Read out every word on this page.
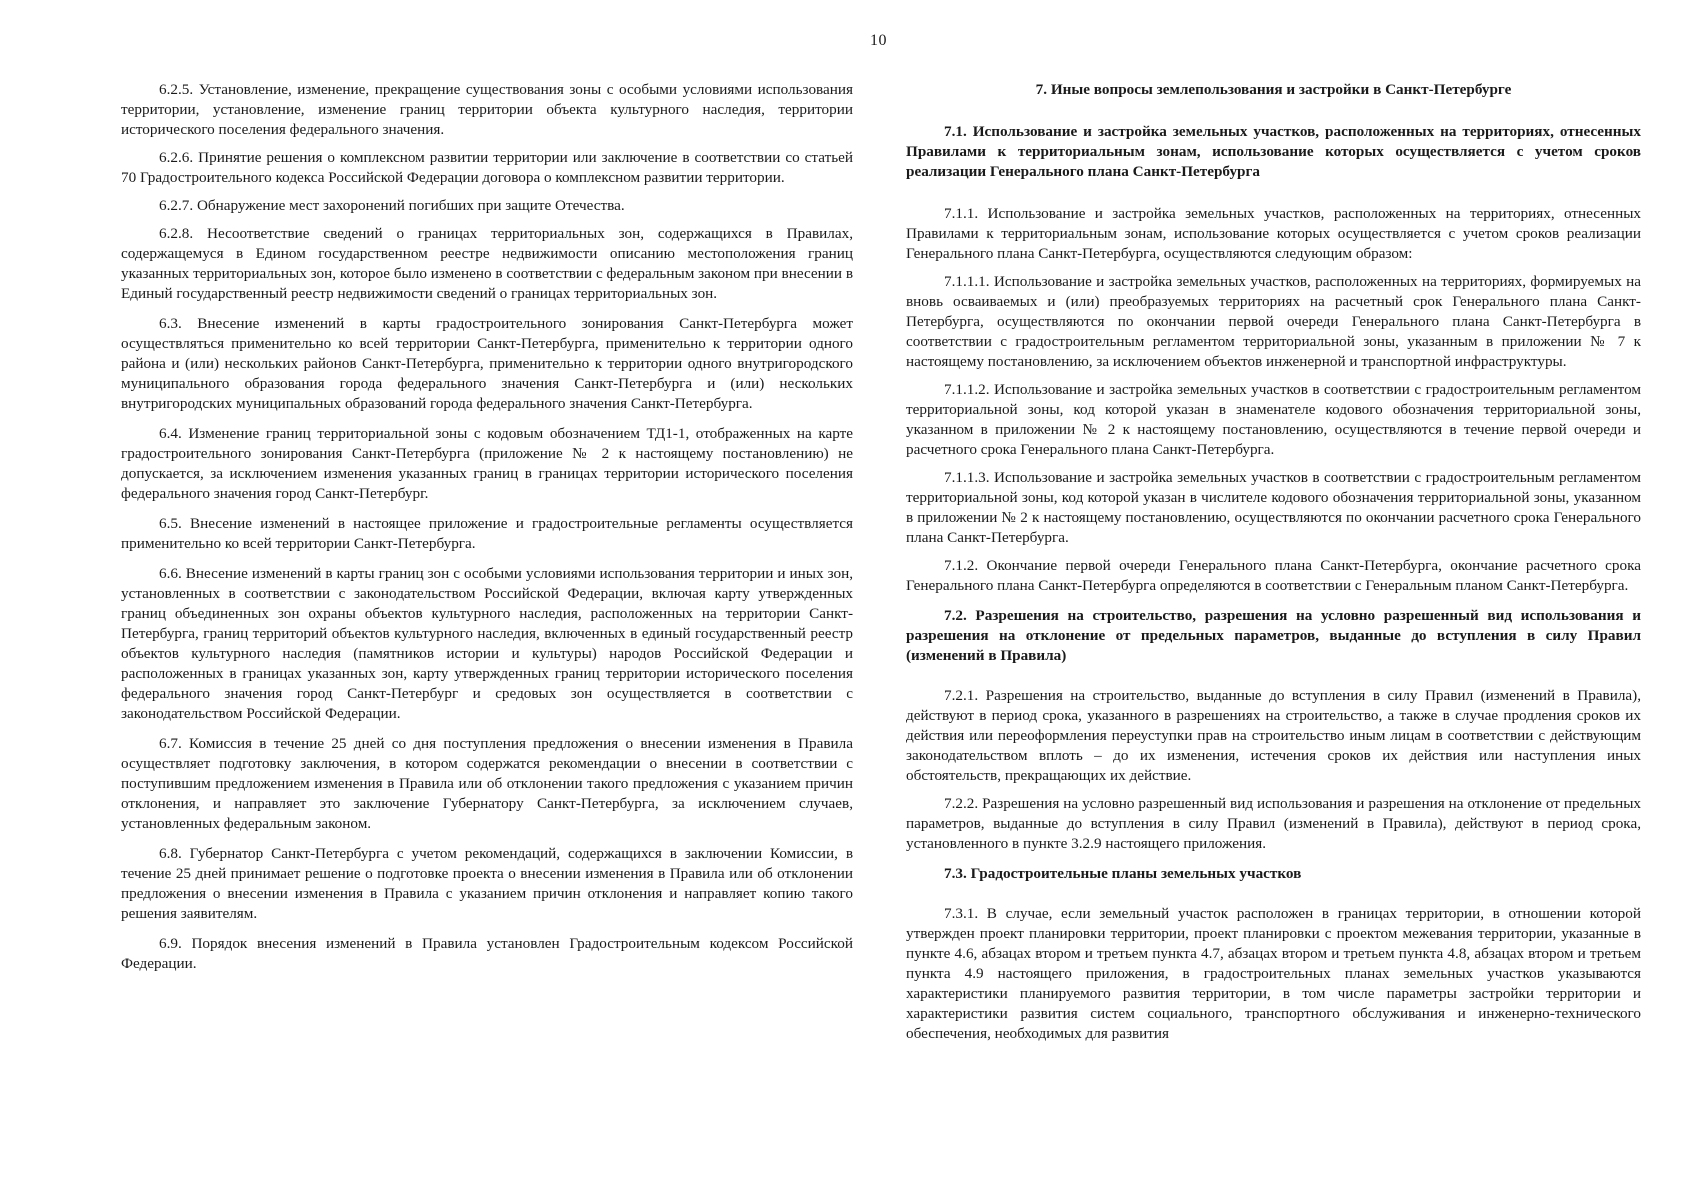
10

6.2.5. Установление, изменение, прекращение существования зоны с особыми условиями использования территории, установление, изменение границ территории объекта культурного наследия, территории исторического поселения федерального значения.

6.2.6. Принятие решения о комплексном развитии территории или заключение в соответствии со статьей 70 Градостроительного кодекса Российской Федерации договора о комплексном развитии территории.

6.2.7. Обнаружение мест захоронений погибших при защите Отечества.

6.2.8. Несоответствие сведений о границах территориальных зон, содержащихся в Правилах, содержащемуся в Едином государственном реестре недвижимости описанию местоположения границ указанных территориальных зон, которое было изменено в соответствии с федеральным законом при внесении в Единый государственный реестр недвижимости сведений о границах территориальных зон.

6.3. Внесение изменений в карты градостроительного зонирования Санкт-Петербурга может осуществляться применительно ко всей территории Санкт-Петербурга, применительно к территории одного района и (или) нескольких районов Санкт-Петербурга, применительно к территории одного внутригородского муниципального образования города федерального значения Санкт-Петербурга и (или) нескольких внутригородских муниципальных образований города федерального значения Санкт-Петербурга.

6.4. Изменение границ территориальной зоны с кодовым обозначением ТД1-1, отображенных на карте градостроительного зонирования Санкт-Петербурга (приложение № 2 к настоящему постановлению) не допускается, за исключением изменения указанных границ в границах территории исторического поселения федерального значения город Санкт-Петербург.

6.5. Внесение изменений в настоящее приложение и градостроительные регламенты осуществляется применительно ко всей территории Санкт-Петербурга.

6.6. Внесение изменений в карты границ зон с особыми условиями использования территории и иных зон, установленных в соответствии с законодательством Российской Федерации, включая карту утвержденных границ объединенных зон охраны объектов культурного наследия, расположенных на территории Санкт-Петербурга, границ территорий объектов культурного наследия, включенных в единый государственный реестр объектов культурного наследия (памятников истории и культуры) народов Российской Федерации и расположенных в границах указанных зон, карту утвержденных границ территории исторического поселения федерального значения город Санкт-Петербург и средовых зон осуществляется в соответствии с законодательством Российской Федерации.

6.7. Комиссия в течение 25 дней со дня поступления предложения о внесении изменения в Правила осуществляет подготовку заключения, в котором содержатся рекомендации о внесении в соответствии с поступившим предложением изменения в Правила или об отклонении такого предложения с указанием причин отклонения, и направляет это заключение Губернатору Санкт-Петербурга, за исключением случаев, установленных федеральным законом.

6.8. Губернатор Санкт-Петербурга с учетом рекомендаций, содержащихся в заключении Комиссии, в течение 25 дней принимает решение о подготовке проекта о внесении изменения в Правила или об отклонении предложения о внесении изменения в Правила с указанием причин отклонения и направляет копию такого решения заявителям.

6.9. Порядок внесения изменений в Правила установлен Градостроительным кодексом Российской Федерации.

7. Иные вопросы землепользования и застройки в Санкт-Петербурге

7.1. Использование и застройка земельных участков, расположенных на территориях, отнесенных Правилами к территориальным зонам, использование которых осуществляется с учетом сроков реализации Генерального плана Санкт-Петербурга

7.1.1. Использование и застройка земельных участков, расположенных на территориях, отнесенных Правилами к территориальным зонам, использование которых осуществляется с учетом сроков реализации Генерального плана Санкт-Петербурга, осуществляются следующим образом:

7.1.1.1. Использование и застройка земельных участков, расположенных на территориях, формируемых на вновь осваиваемых и (или) преобразуемых территориях на расчетный срок Генерального плана Санкт-Петербурга, осуществляются по окончании первой очереди Генерального плана Санкт-Петербурга в соответствии с градостроительным регламентом территориальной зоны, указанным в приложении № 7 к настоящему постановлению, за исключением объектов инженерной и транспортной инфраструктуры.

7.1.1.2. Использование и застройка земельных участков в соответствии с градостроительным регламентом территориальной зоны, код которой указан в знаменателе кодового обозначения территориальной зоны, указанном в приложении № 2 к настоящему постановлению, осуществляются в течение первой очереди и расчетного срока Генерального плана Санкт-Петербурга.

7.1.1.3. Использование и застройка земельных участков в соответствии с градостроительным регламентом территориальной зоны, код которой указан в числителе кодового обозначения территориальной зоны, указанном в приложении № 2 к настоящему постановлению, осуществляются по окончании расчетного срока Генерального плана Санкт-Петербурга.

7.1.2. Окончание первой очереди Генерального плана Санкт-Петербурга, окончание расчетного срока Генерального плана Санкт-Петербурга определяются в соответствии с Генеральным планом Санкт-Петербурга.

7.2. Разрешения на строительство, разрешения на условно разрешенный вид использования и разрешения на отклонение от предельных параметров, выданные до вступления в силу Правил (изменений в Правила)

7.2.1. Разрешения на строительство, выданные до вступления в силу Правил (изменений в Правила), действуют в период срока, указанного в разрешениях на строительство, а также в случае продления сроков их действия или переоформления переуступки прав на строительство иным лицам в соответствии с действующим законодательством вплоть – до их изменения, истечения сроков их действия или наступления иных обстоятельств, прекращающих их действие.

7.2.2. Разрешения на условно разрешенный вид использования и разрешения на отклонение от предельных параметров, выданные до вступления в силу Правил (изменений в Правила), действуют в период срока, установленного в пункте 3.2.9 настоящего приложения.

7.3. Градостроительные планы земельных участков

7.3.1. В случае, если земельный участок расположен в границах территории, в отношении которой утвержден проект планировки территории, проект планировки с проектом межевания территории, указанные в пункте 4.6, абзацах втором и третьем пункта 4.7, абзацах втором и третьем пункта 4.8, абзацах втором и третьем пункта 4.9 настоящего приложения, в градостроительных планах земельных участков указываются характеристики планируемого развития территории, в том числе параметры застройки территории и характеристики развития систем социального, транспортного обслуживания и инженерно-технического обеспечения, необходимых для развития
